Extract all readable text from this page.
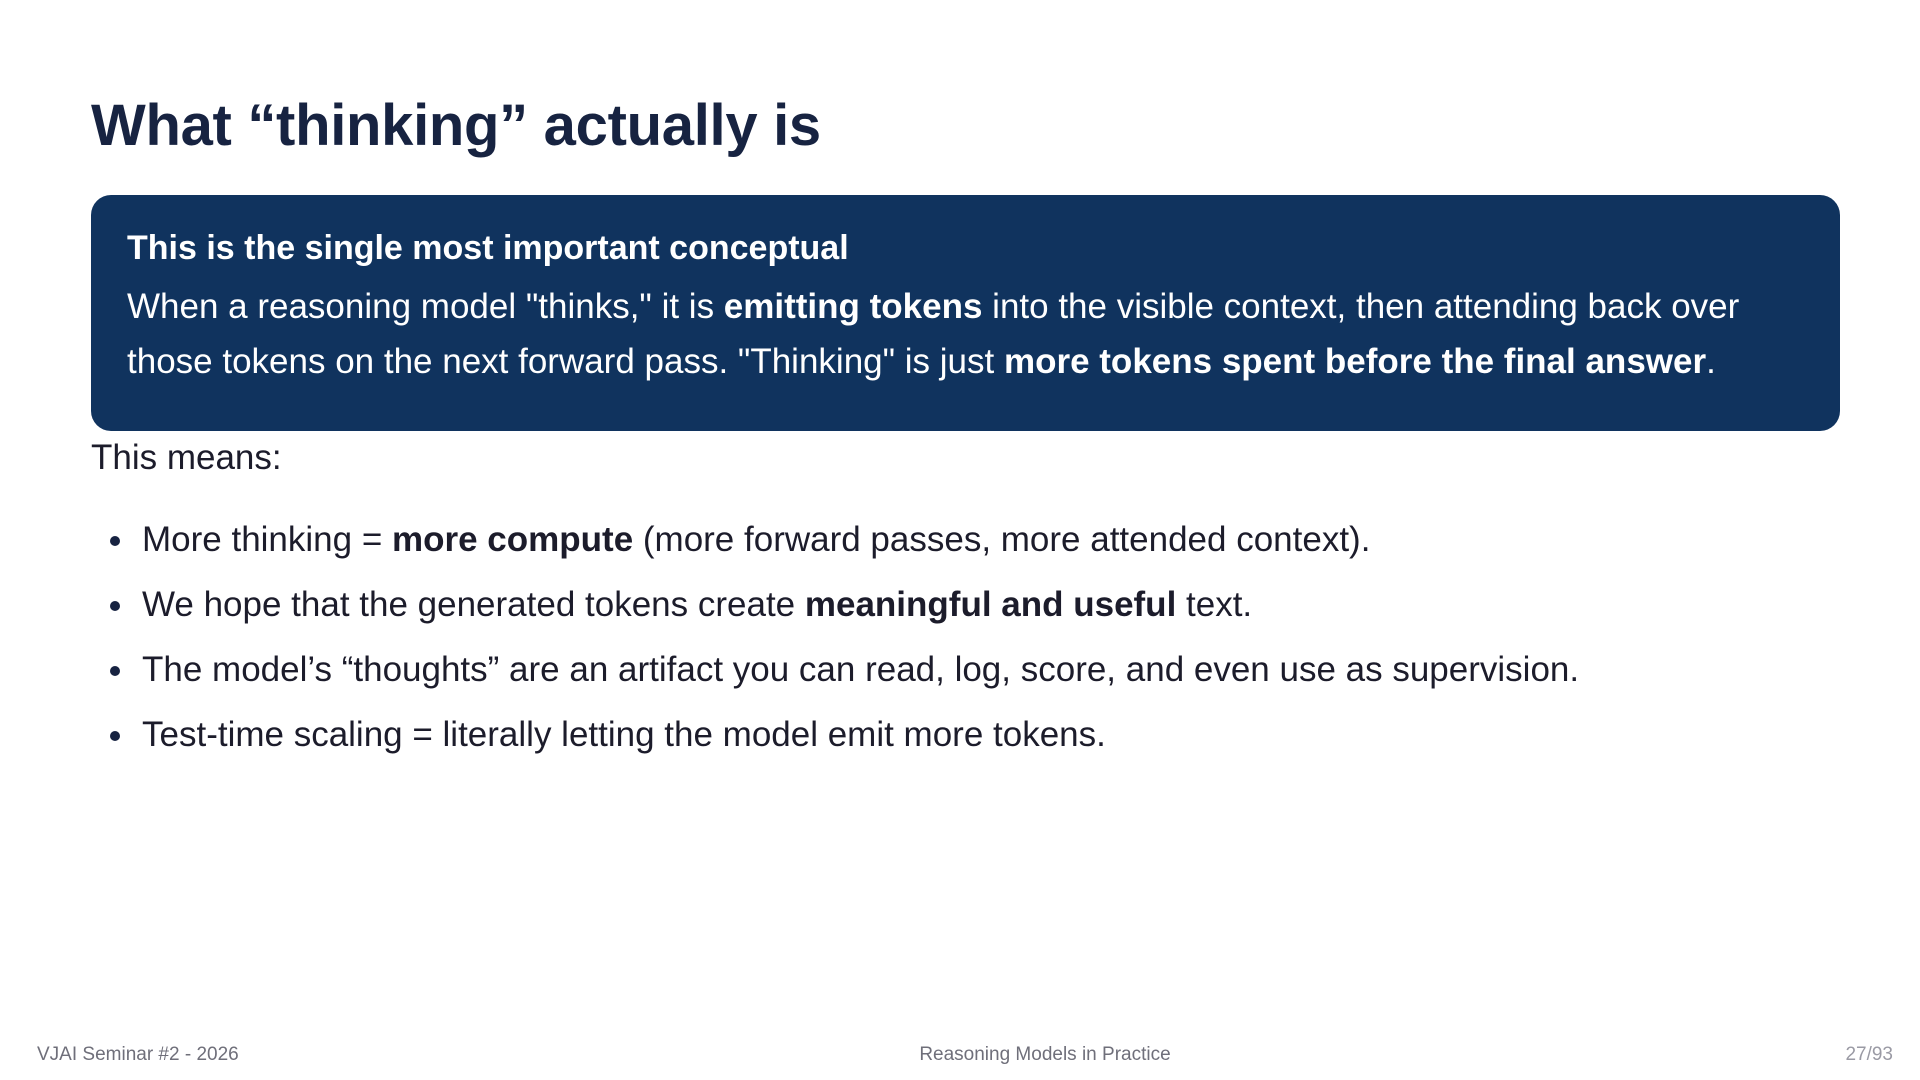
What “thinking” actually is

This is the single most important conceptual

When a reasoning model "thinks," it is emitting tokens into the visible context, then attending back over those tokens on the next forward pass. "Thinking" is just more tokens spent before the final answer.

This means:

More thinking = more compute (more forward passes, more attended context).
We hope that the generated tokens create meaningful and useful text.
The model’s “thoughts” are an artifact you can read, log, score, and even use as supervision.
Test-time scaling = literally letting the model emit more tokens.
VJAI Seminar #2 - 2026	Reasoning Models in Practice	27/93
